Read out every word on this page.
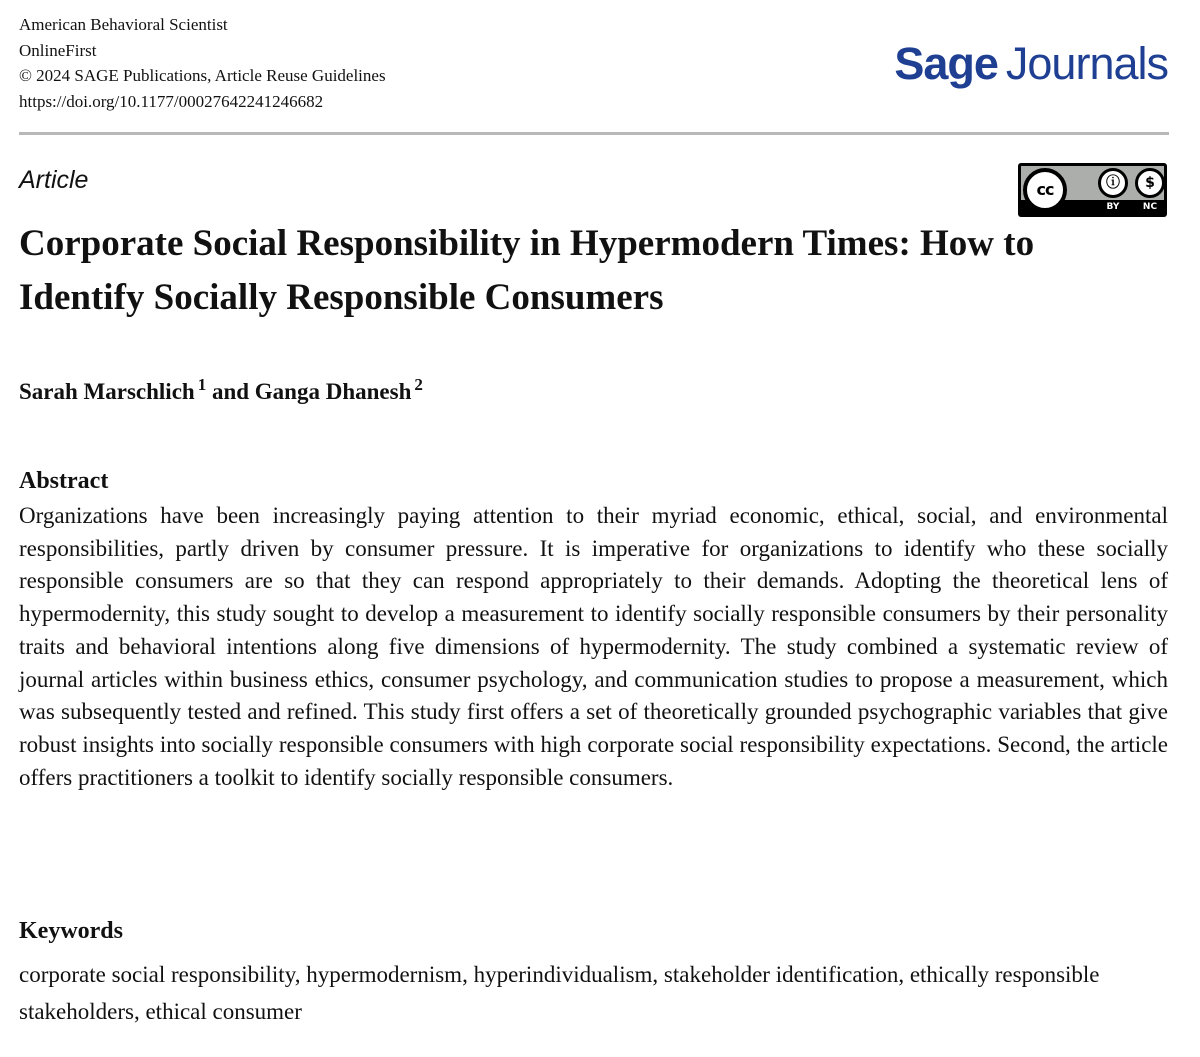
American Behavioral Scientist
OnlineFirst
© 2024 SAGE Publications, Article Reuse Guidelines
https://doi.org/10.1177/00027642241246682
Sage Journals
Article	cc	ⓘ	$
BY	NC
Corporate Social Responsibility in Hypermodern Times: How to Identify Socially Responsible Consumers
Sarah Marschlich $^1$ and Ganga Dhanesh $^2$
Abstract

Organizations have been increasingly paying attention to their myriad economic, ethical, social, and environmental responsibilities, partly driven by consumer pressure. It is imperative for organizations to identify who these socially responsible consumers are so that they can respond appropriately to their demands. Adopting the theoretical lens of hypermodernity, this study sought to develop a measurement to identify socially responsible consumers by their personality traits and behavioral intentions along five dimensions of hypermodernity. The study combined a systematic review of journal articles within business ethics, consumer psychology, and communication studies to propose a measurement, which was subsequently tested and refined. This study first offers a set of theoretically grounded psychographic variables that give robust insights into socially responsible consumers with high corporate social responsibility expectations. Second, the article offers practitioners a toolkit to identify socially responsible consumers.

Keywords

corporate social responsibility, hypermodernism, hyperindividualism, stakeholder identification, ethically responsible stakeholders, ethical consumer
